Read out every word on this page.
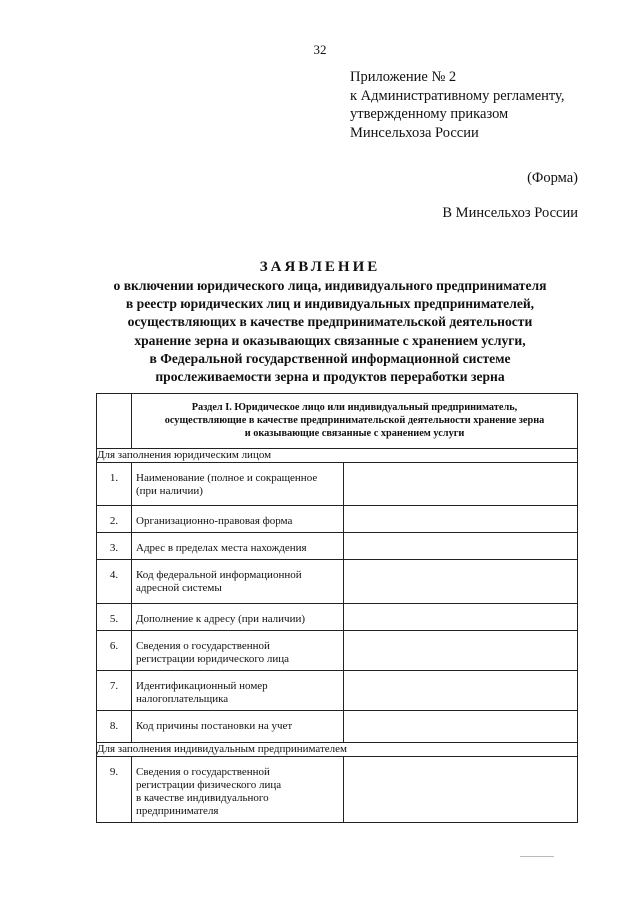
32
Приложение № 2
к Административному регламенту,
утвержденному приказом
Минсельхоза России
(Форма)
В Минсельхоз России
ЗАЯВЛЕНИЕ
о включении юридического лица, индивидуального предпринимателя
в реестр юридических лиц и индивидуальных предпринимателей,
осуществляющих в качестве предпринимательской деятельности
хранение зерна и оказывающих связанные с хранением услуги,
в Федеральной государственной информационной системе
прослеживаемости зерна и продуктов переработки зерна

	Раздел I. Юридическое лицо или индивидуальный предприниматель,
осуществляющие в качестве предпринимательской деятельности хранение зерна
и оказывающие связанные с хранением услуги	

Для заполнения юридическим лицом		
1.	Наименование (полное и сокращенное
(при наличии)	

2.	Организационно-правовая форма	

3.	Адрес в пределах места нахождения	

4.	Код федеральной информационной
адресной системы	

5.	Дополнение к адресу (при наличии)	

6.	Сведения о государственной
регистрации юридического лица	

7.	Идентификационный номер
налогоплательщика	

8.	Код причины постановки на учет	

Для заполнения индивидуальным предпринимателем		
9.	Сведения о государственной
регистрации физического лица
в качестве индивидуального
предпринимателя	
